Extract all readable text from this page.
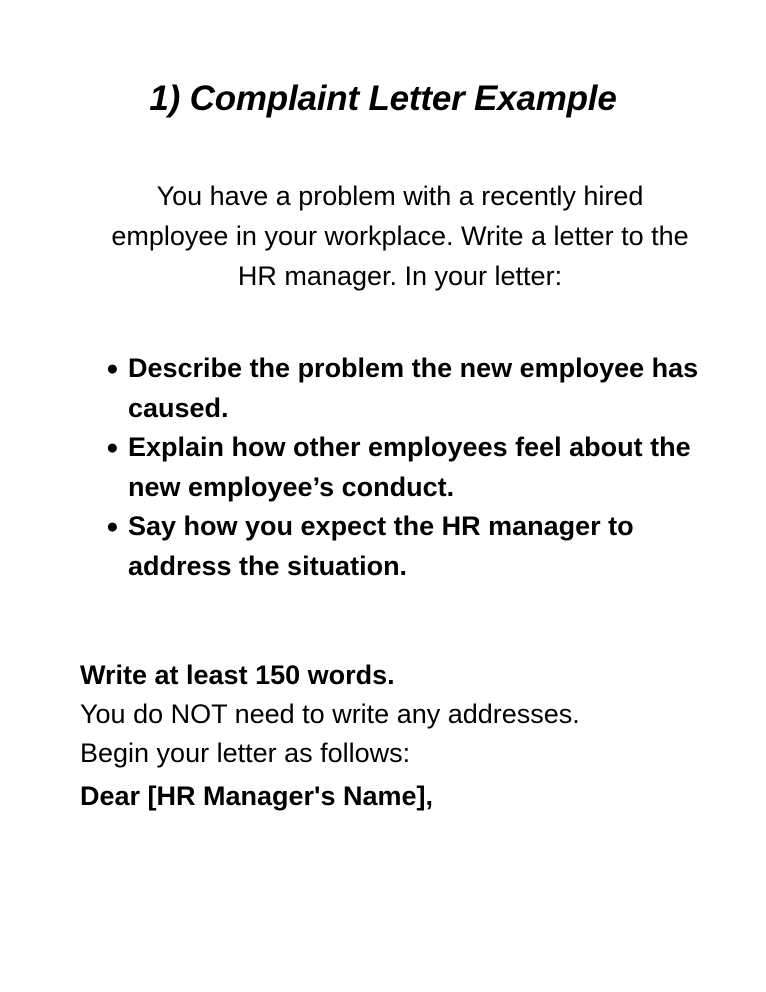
1) Complaint Letter Example

You have a problem with a recently hired employee in your workplace. Write a letter to the HR manager. In your letter:

● Describe the problem the new employee has caused.
● Explain how other employees feel about the new employee’s conduct.
● Say how you expect the HR manager to address the situation.
Write at least 150 words.
You do NOT need to write any addresses.
Begin your letter as follows:
Dear [HR Manager's Name],
